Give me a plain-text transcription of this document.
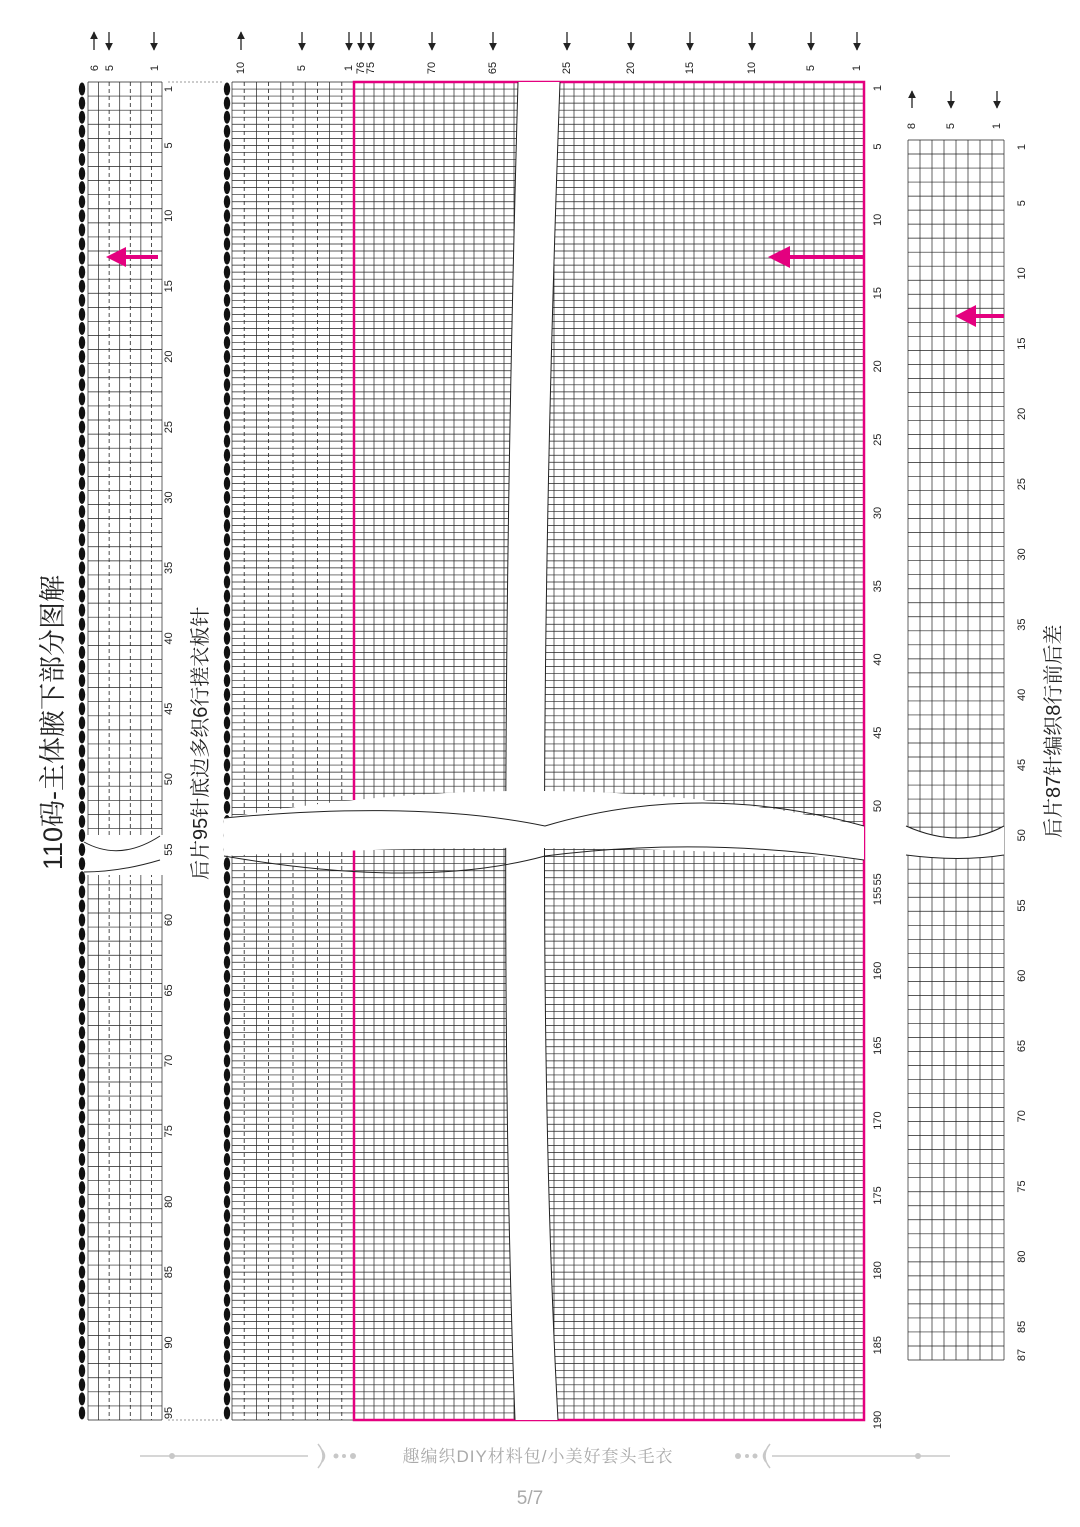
6 5	1
1
5
10
15
20
25
30
35
40
45
50
55
60
65
70
75
80
85
90
95
10	5	1 76
75	70	65	25	20	15	10	5	1
1
5
10
15
20
25
30
35
40
45
50
55
155
160
165
170
175
180
185
190
8 5	1
1
5
10
15
20
25
30
35
40
45
50
55
60
65
70
75
80
85
87
110码-主体腋下部分图解	后片95针底边多织6行搓衣板针	后片87针编织8行前后差
趣编织DIY材料包/小美好套头毛衣
5/7
